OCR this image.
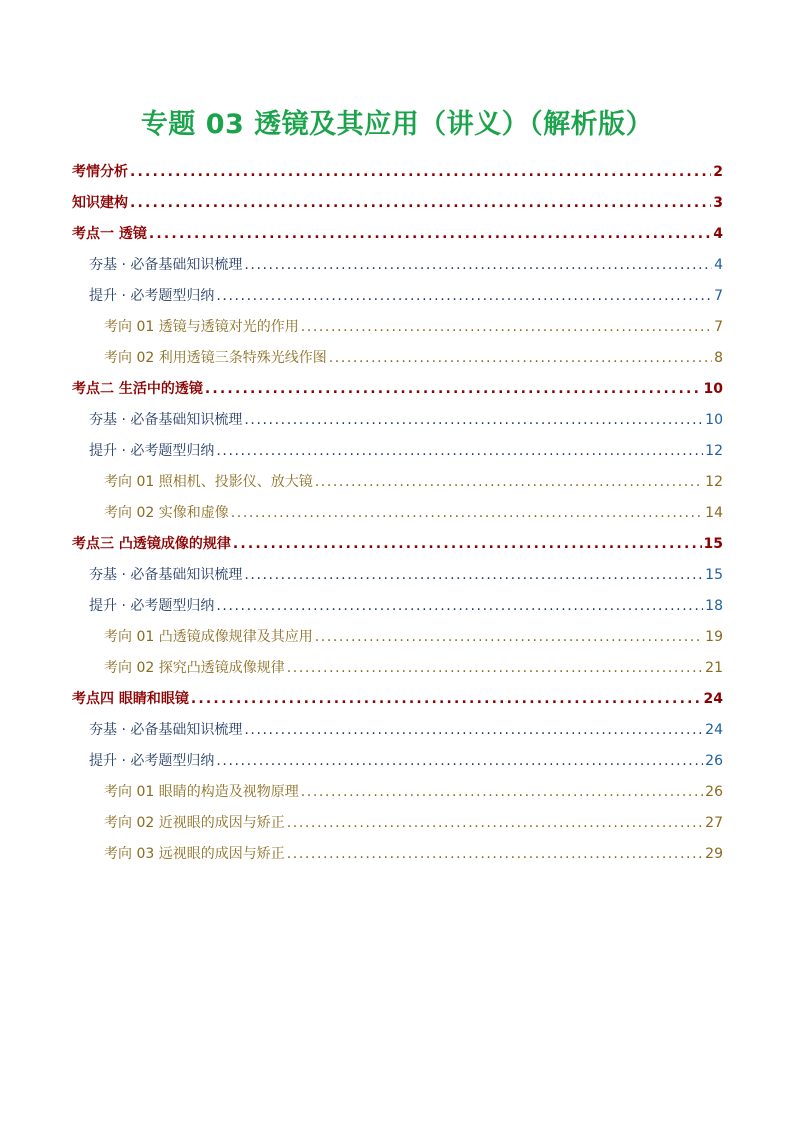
专题 03 透镜及其应用（讲义）（解析版）
考情分析 .....	2
知识建构 .....	3
考点一 透镜 .....	4
夯基 · 必备基础知识梳理 .....	4
提升 · 必考题型归纳 .....	7
考向 01 透镜与透镜对光的作用 .....	7
考向 02 利用透镜三条特殊光线作图 .....	8
考点二 生活中的透镜 .....	10
夯基 · 必备基础知识梳理 .....	10
提升 · 必考题型归纳 .....	12
考向 01 照相机、投影仪、放大镜 .....	12
考向 02 实像和虚像 .....	14
考点三 凸透镜成像的规律 .....	15
夯基 · 必备基础知识梳理 .....	15
提升 · 必考题型归纳 .....	18
考向 01 凸透镜成像规律及其应用 .....	19
考向 02 探究凸透镜成像规律 .....	21
考点四 眼睛和眼镜 .....	24
夯基 · 必备基础知识梳理 .....	24
提升 · 必考题型归纳 .....	26
考向 01 眼睛的构造及视物原理 .....	26
考向 02 近视眼的成因与矫正 .....	27
考向 03 远视眼的成因与矫正 .....	29
